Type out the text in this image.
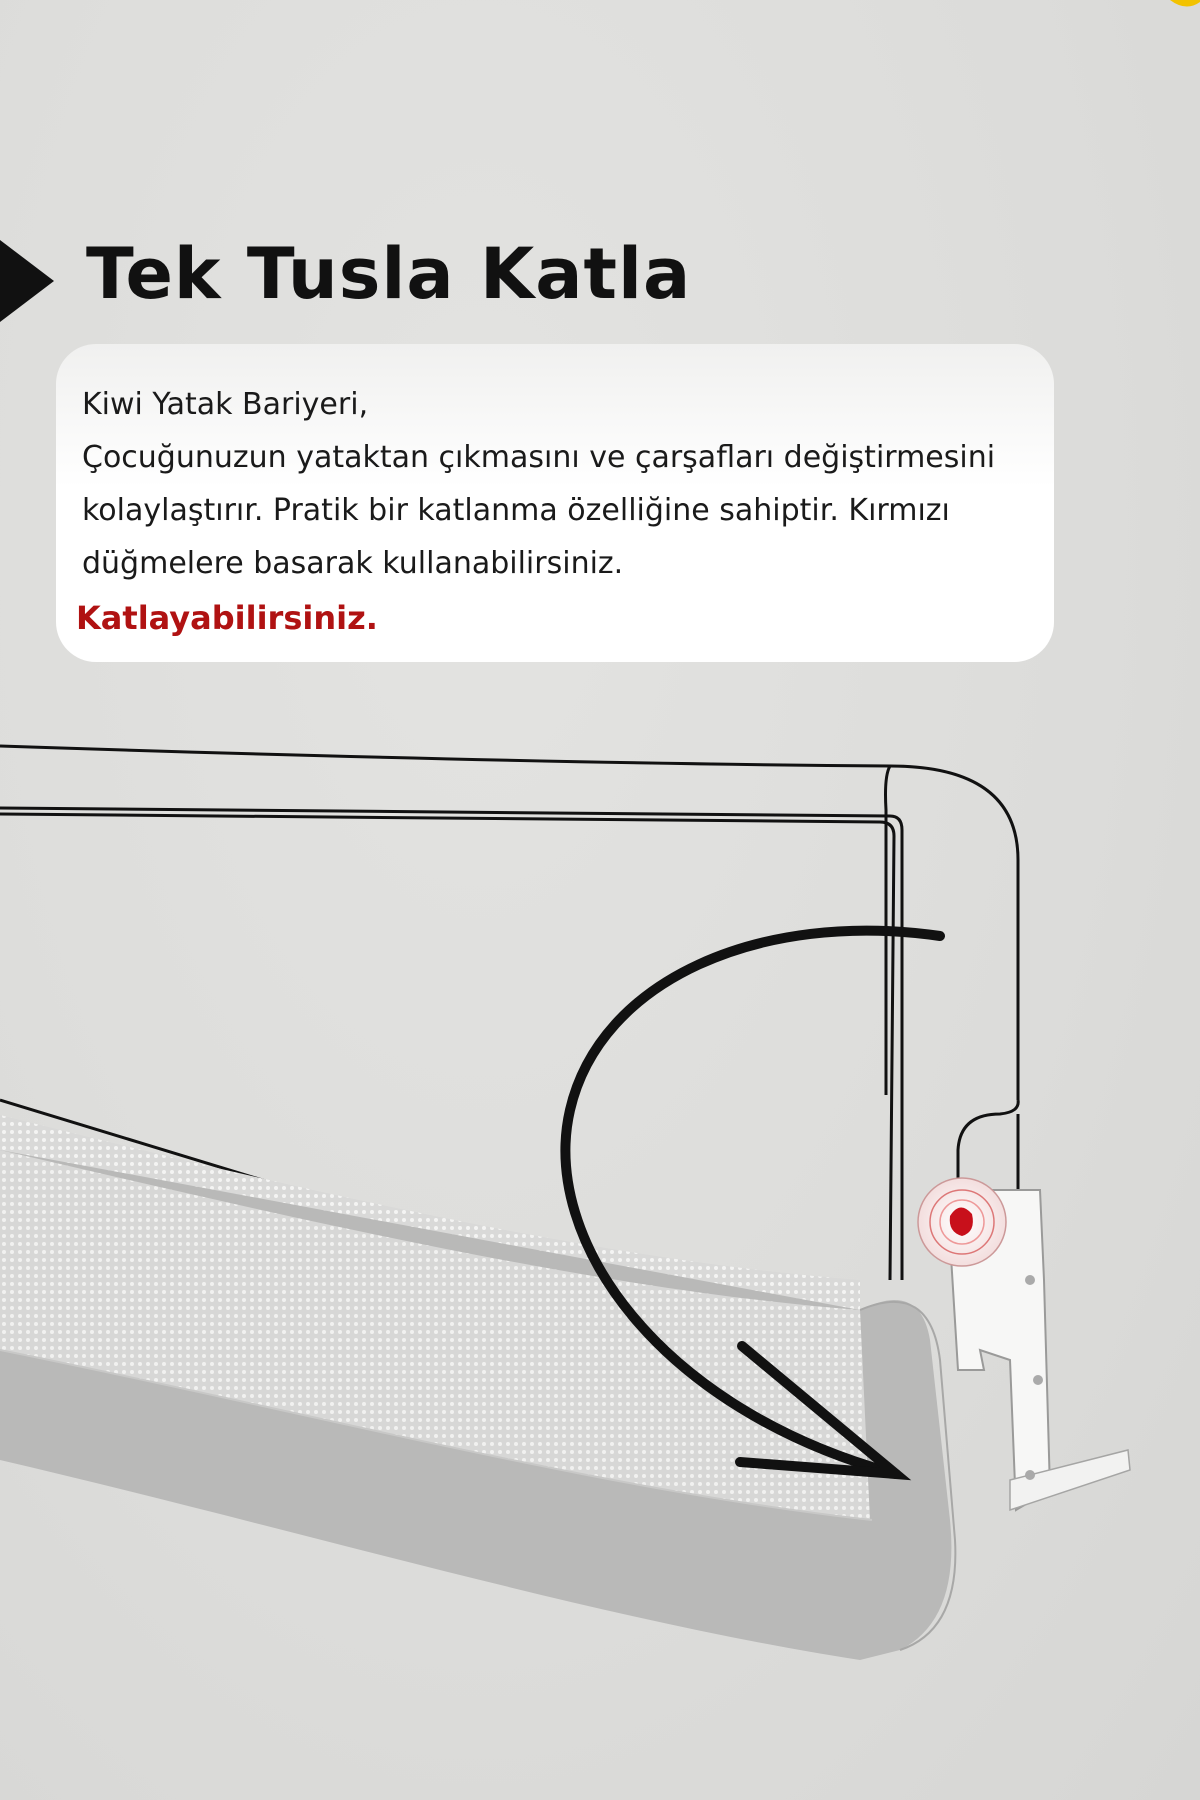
Tek Tusla Katla

Kiwi Yatak Bariyeri,

Çocuğunuzun yataktan çıkmasını ve çarşafları değiştirmesini

kolaylaştırır. Pratik bir katlanma özelliğine sahiptir. Kırmızı

düğmelere basarak kullanabilirsiniz.

Katlayabilirsiniz.
